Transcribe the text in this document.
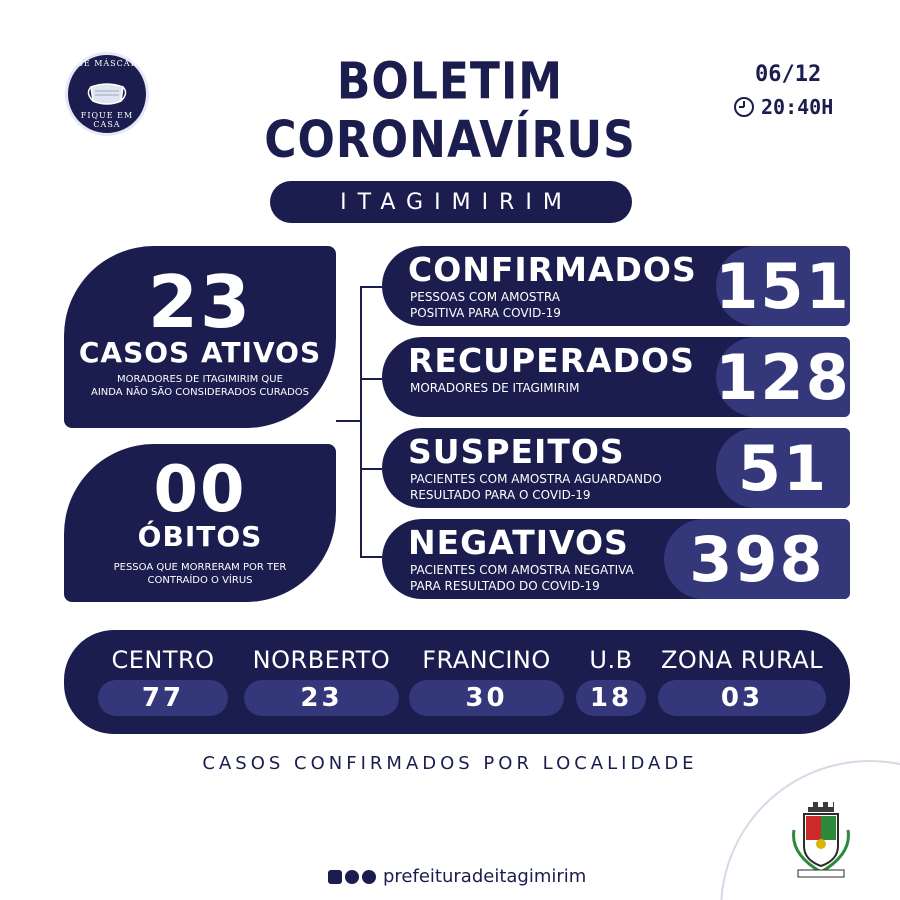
USE MÁSCARA
FIQUE EM CASA
BOLETIM CORONAVÍRUS
06/12
20:40H
ITAGIMIRIM
23
CASOS ATIVOS
MORADORES DE ITAGIMIRIM QUE
AINDA NÃO SÃO CONSIDERADOS CURADOS
00
ÓBITOS
PESSOA QUE MORRERAM POR TER
CONTRAÍDO O VÍRUS
CONFIRMADOS
PESSOAS COM AMOSTRA
POSITIVA PARA COVID-19 151
RECUPERADOS
MORADORES DE ITAGIMIRIM 128
SUSPEITOS
PACIENTES COM AMOSTRA AGUARDANDO
RESULTADO PARA O COVID-19	51
NEGATIVOS
PACIENTES COM AMOSTRA NEGATIVA
PARA RESULTADO DO COVID-19	398
CENTRO
77
NORBERTO
23
FRANCINO
30
U.B
18
ZONA RURAL
03
CASOS CONFIRMADOS POR LOCALIDADE
prefeituradeitagimirim
